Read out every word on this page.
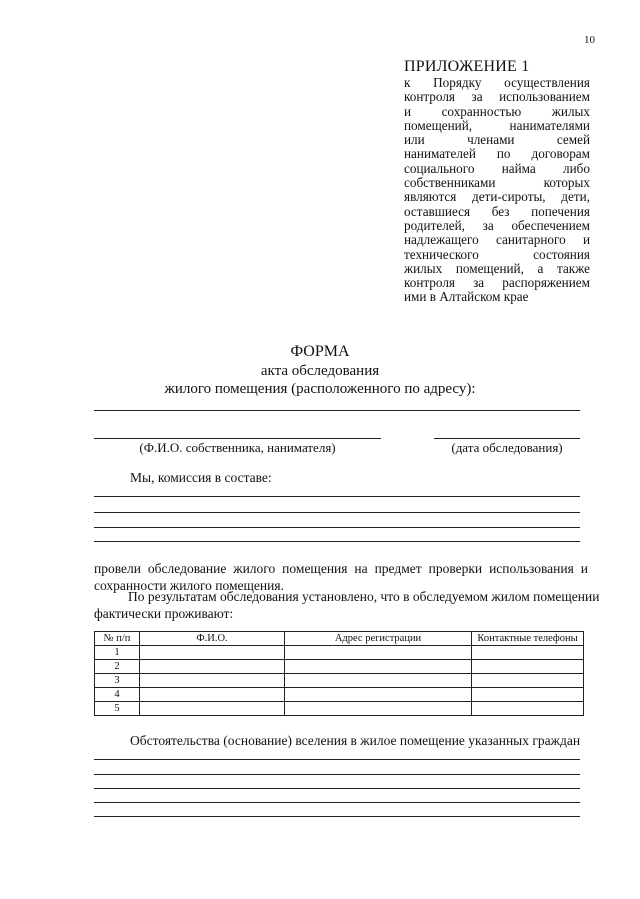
10
ПРИЛОЖЕНИЕ 1
к Порядку осуществления
контроля за использованием
и сохранностью жилых
помещений, нанимателями
или членами семей
нанимателей по договорам
социального найма либо
собственниками которых
являются дети-сироты, дети,
оставшиеся без попечения
родителей, за обеспечением
надлежащего санитарного и
технического состояния
жилых помещений, а также
контроля за распоряжением
ими в Алтайском крае
ФОРМА
акта обследования
жилого помещения (расположенного по адресу):
(Ф.И.О. собственника, нанимателя)	(дата обследования)
Мы, комиссия в составе:
провели обследование жилого помещения на предмет проверки использования и
сохранности жилого помещения.
По результатам обследования установлено, что в обследуемом жилом помещении
фактически проживают:
№ п/п	Ф.И.О.	Адрес регистрации	Контактные телефоны
1			
2			
3			
4			
5			
Обстоятельства (основание) вселения в жилое помещение указанных граждан
